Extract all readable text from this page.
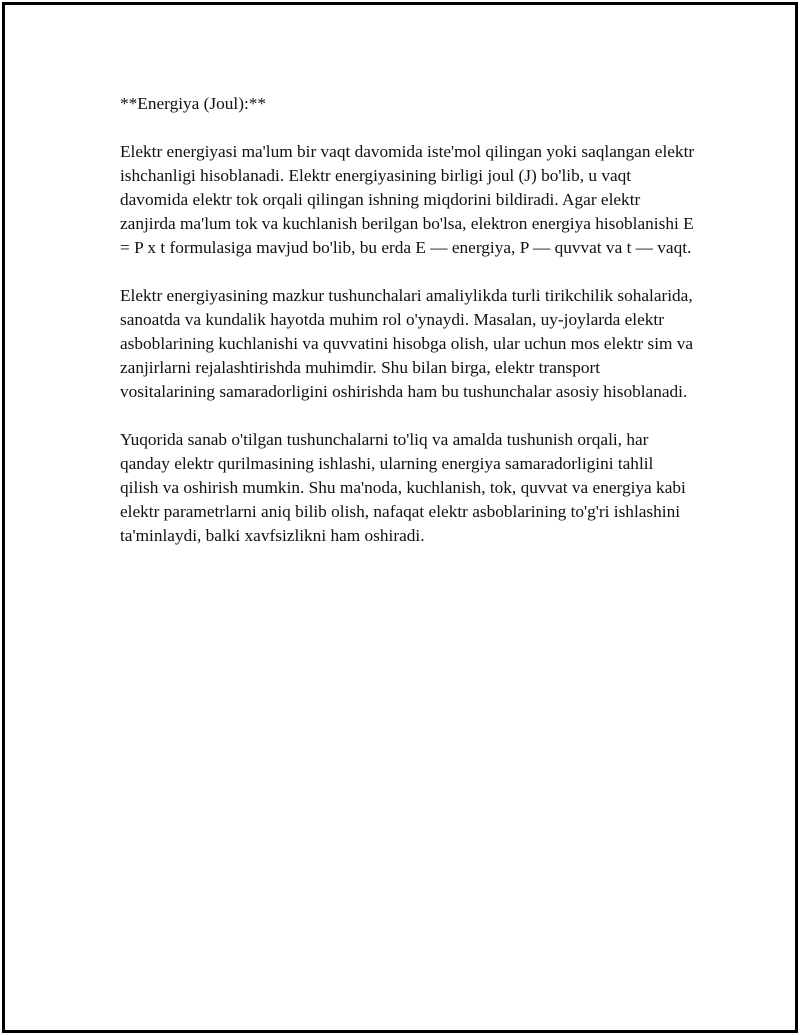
**Energiya (Joul):**

Elektr energiyasi ma'lum bir vaqt davomida iste'mol qilingan yoki saqlangan elektr ishchanligi hisoblanadi. Elektr energiyasining birligi joul (J) bo'lib, u vaqt davomida elektr tok orqali qilingan ishning miqdorini bildiradi. Agar elektr zanjirda ma'lum tok va kuchlanish berilgan bo'lsa, elektron energiya hisoblanishi E = P x t formulasiga mavjud bo'lib, bu erda E — energiya, P — quvvat va t — vaqt.

Elektr energiyasining mazkur tushunchalari amaliylikda turli tirikchilik sohalarida, sanoatda va kundalik hayotda muhim rol o'ynaydi. Masalan, uy-joylarda elektr asboblarining kuchlanishi va quvvatini hisobga olish, ular uchun mos elektr sim va zanjirlarni rejalashtirishda muhimdir. Shu bilan birga, elektr transport vositalarining samaradorligini oshirishda ham bu tushunchalar asosiy hisoblanadi.

Yuqorida sanab o'tilgan tushunchalarni to'liq va amalda tushunish orqali, har qanday elektr qurilmasining ishlashi, ularning energiya samaradorligini tahlil qilish va oshirish mumkin. Shu ma'noda, kuchlanish, tok, quvvat va energiya kabi elektr parametrlarni aniq bilib olish, nafaqat elektr asboblarining to'g'ri ishlashini ta'minlaydi, balki xavfsizlikni ham oshiradi.
